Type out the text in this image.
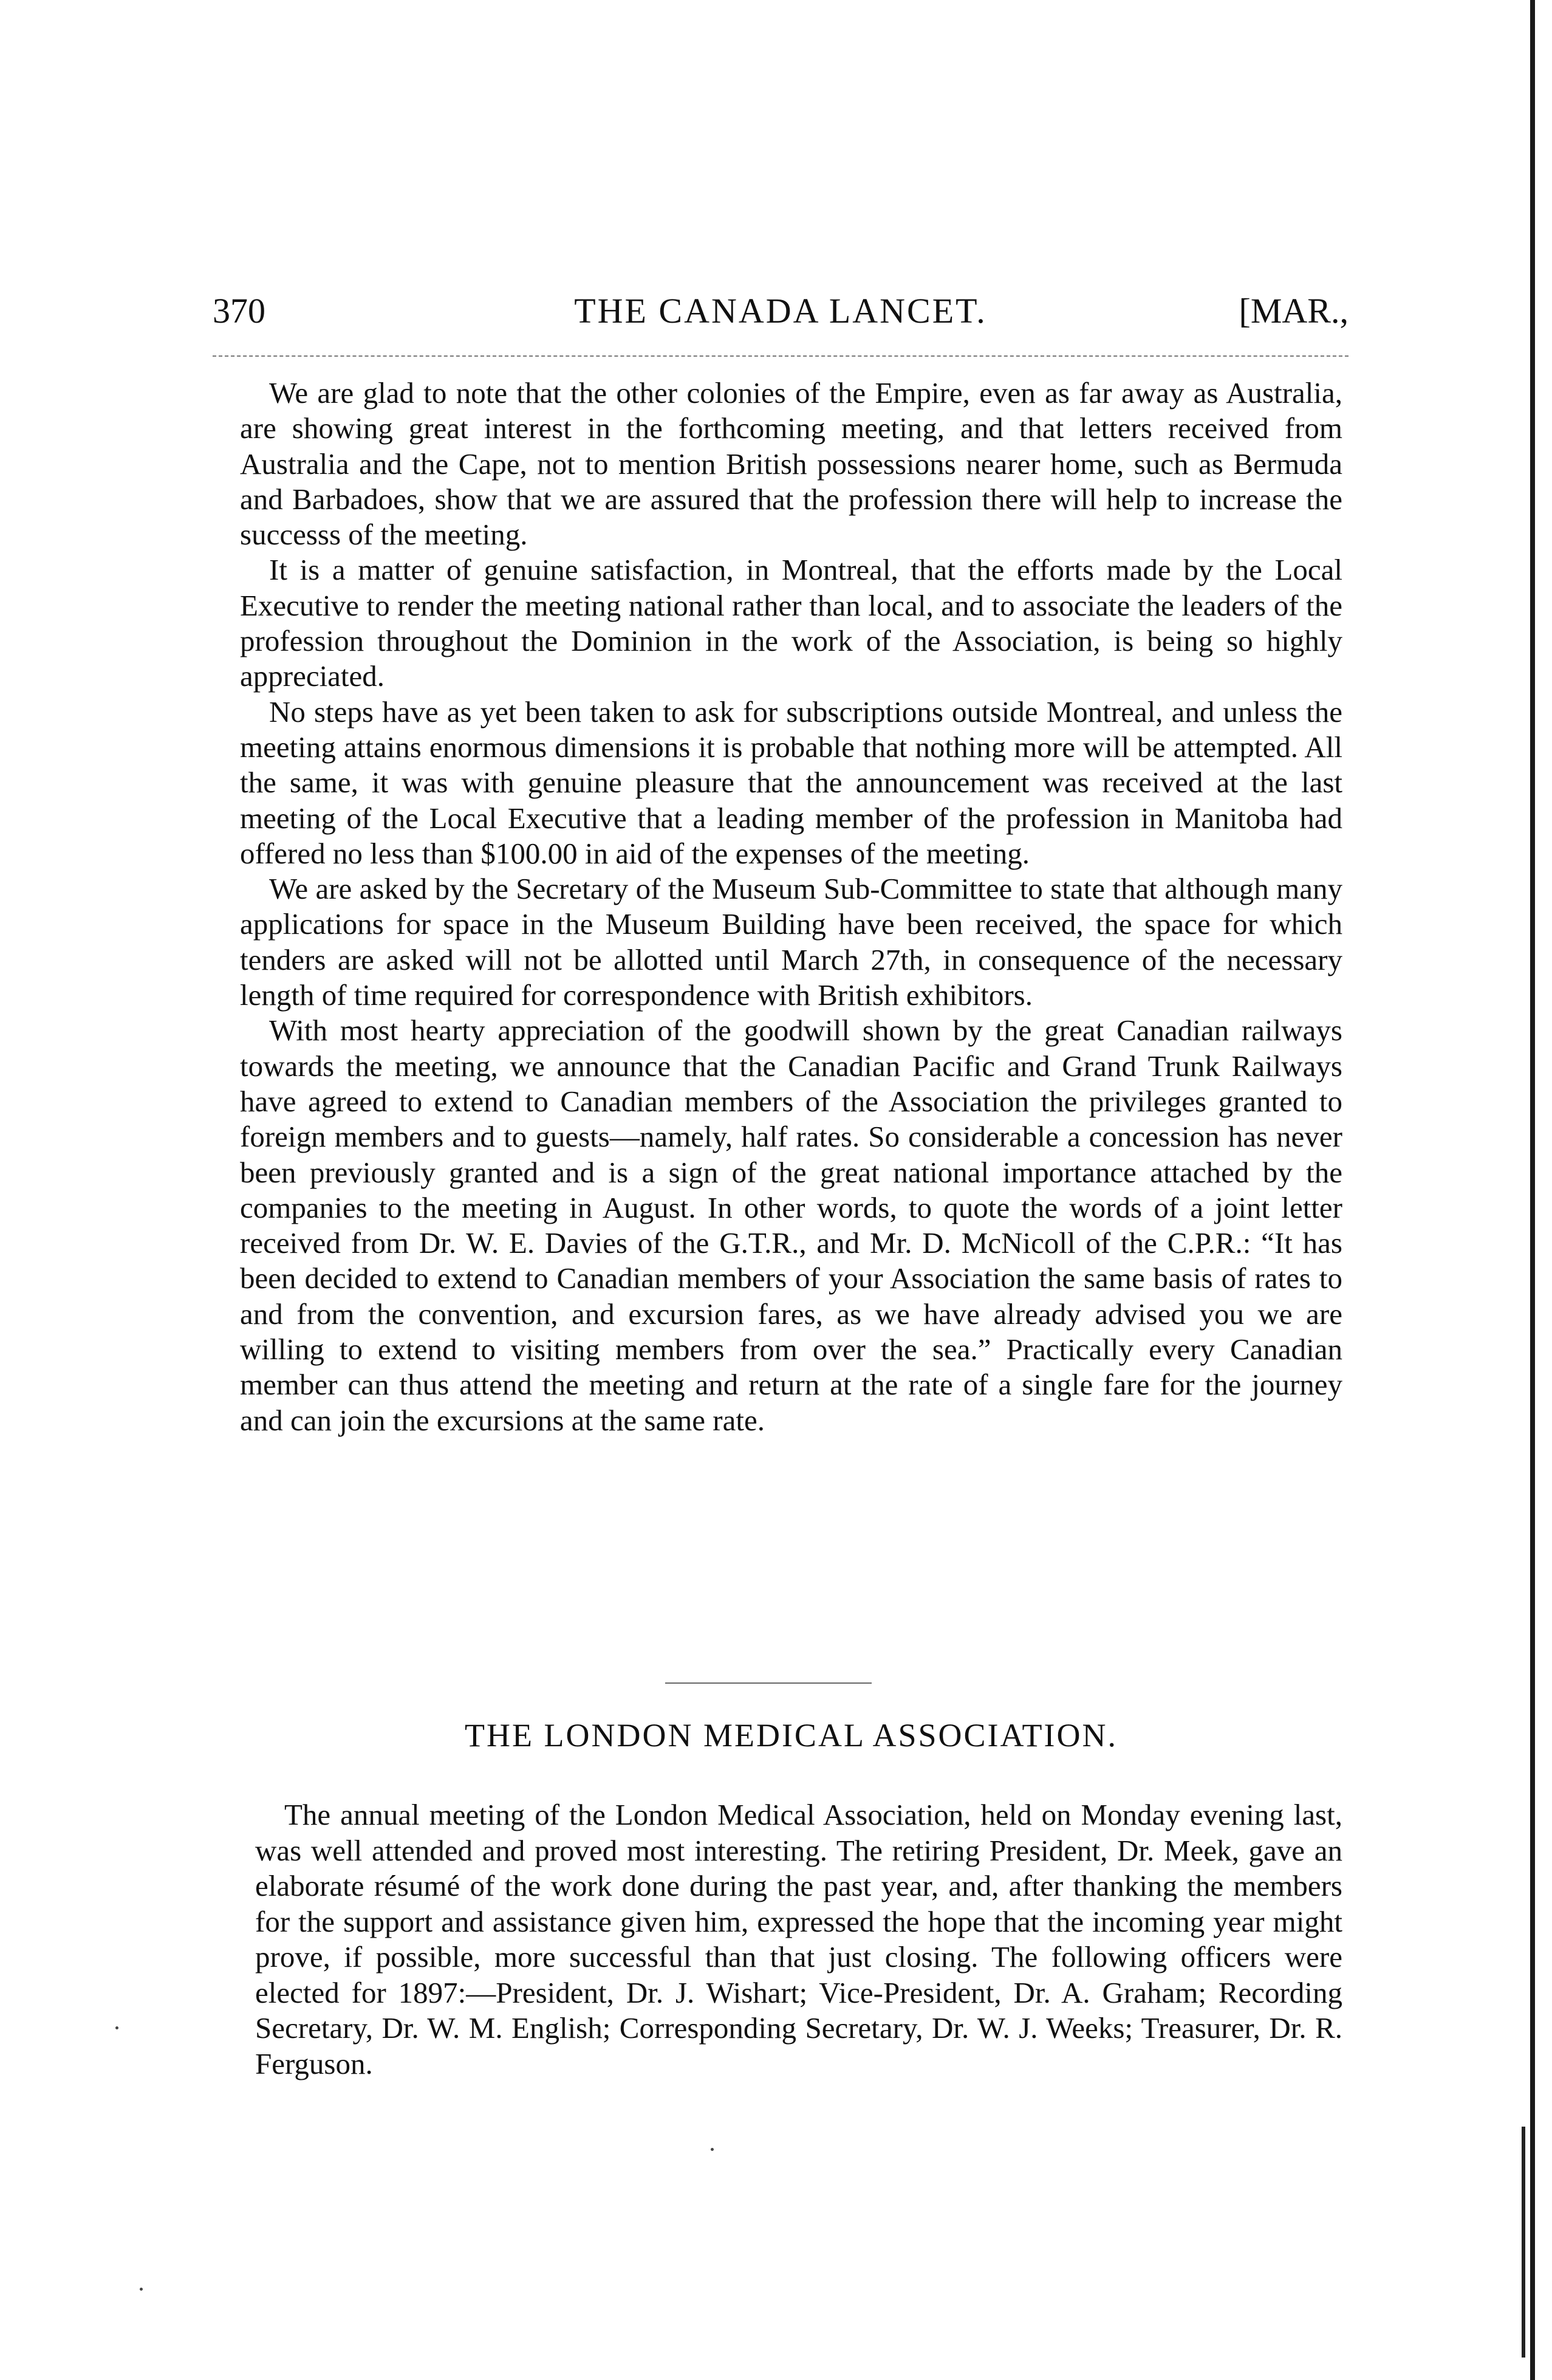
370	THE CANADA LANCET.	[MAR.,

We are glad to note that the other colonies of the Empire, even as far away as Australia, are showing great interest in the forthcoming meeting, and that letters received from Australia and the Cape, not to mention British possessions nearer home, such as Bermuda and Barbadoes, show that we are assured that the profession there will help to increase the successs of the meeting.

It is a matter of genuine satisfaction, in Montreal, that the efforts made by the Local Executive to render the meeting national rather than local, and to associate the leaders of the profession throughout the Dominion in the work of the Association, is being so highly appreciated.

No steps have as yet been taken to ask for subscriptions outside Montreal, and unless the meeting attains enormous dimensions it is probable that nothing more will be attempted. All the same, it was with genuine pleasure that the announcement was received at the last meeting of the Local Executive that a leading member of the profession in Manitoba had offered no less than $100.00 in aid of the expenses of the meeting.

We are asked by the Secretary of the Museum Sub-Committee to state that although many applications for space in the Museum Building have been received, the space for which tenders are asked will not be allotted until March 27th, in consequence of the necessary length of time required for correspondence with British exhibitors.

With most hearty appreciation of the goodwill shown by the great Canadian railways towards the meeting, we announce that the Canadian Pacific and Grand Trunk Railways have agreed to extend to Canadian members of the Association the privileges granted to foreign members and to guests—namely, half rates. So considerable a concession has never been previously granted and is a sign of the great national importance attached by the companies to the meeting in August. In other words, to quote the words of a joint letter received from Dr. W. E. Davies of the G.T.R., and Mr. D. McNicoll of the C.P.R.: “It has been decided to extend to Canadian members of your Association the same basis of rates to and from the convention, and excursion fares, as we have already advised you we are willing to extend to visiting members from over the sea.” Practically every Canadian member can thus attend the meeting and return at the rate of a single fare for the journey and can join the excursions at the same rate.

THE LONDON MEDICAL ASSOCIATION.

The annual meeting of the London Medical Association, held on Monday evening last, was well attended and proved most interesting. The retiring President, Dr. Meek, gave an elaborate résumé of the work done during the past year, and, after thanking the members for the support and assistance given him, expressed the hope that the incoming year might prove, if possible, more successful than that just closing. The following officers were elected for 1897:—President, Dr. J. Wishart; Vice-President, Dr. A. Graham; Recording Secretary, Dr. W. M. English; Corresponding Secretary, Dr. W. J. Weeks; Treasurer, Dr. R. Ferguson.
